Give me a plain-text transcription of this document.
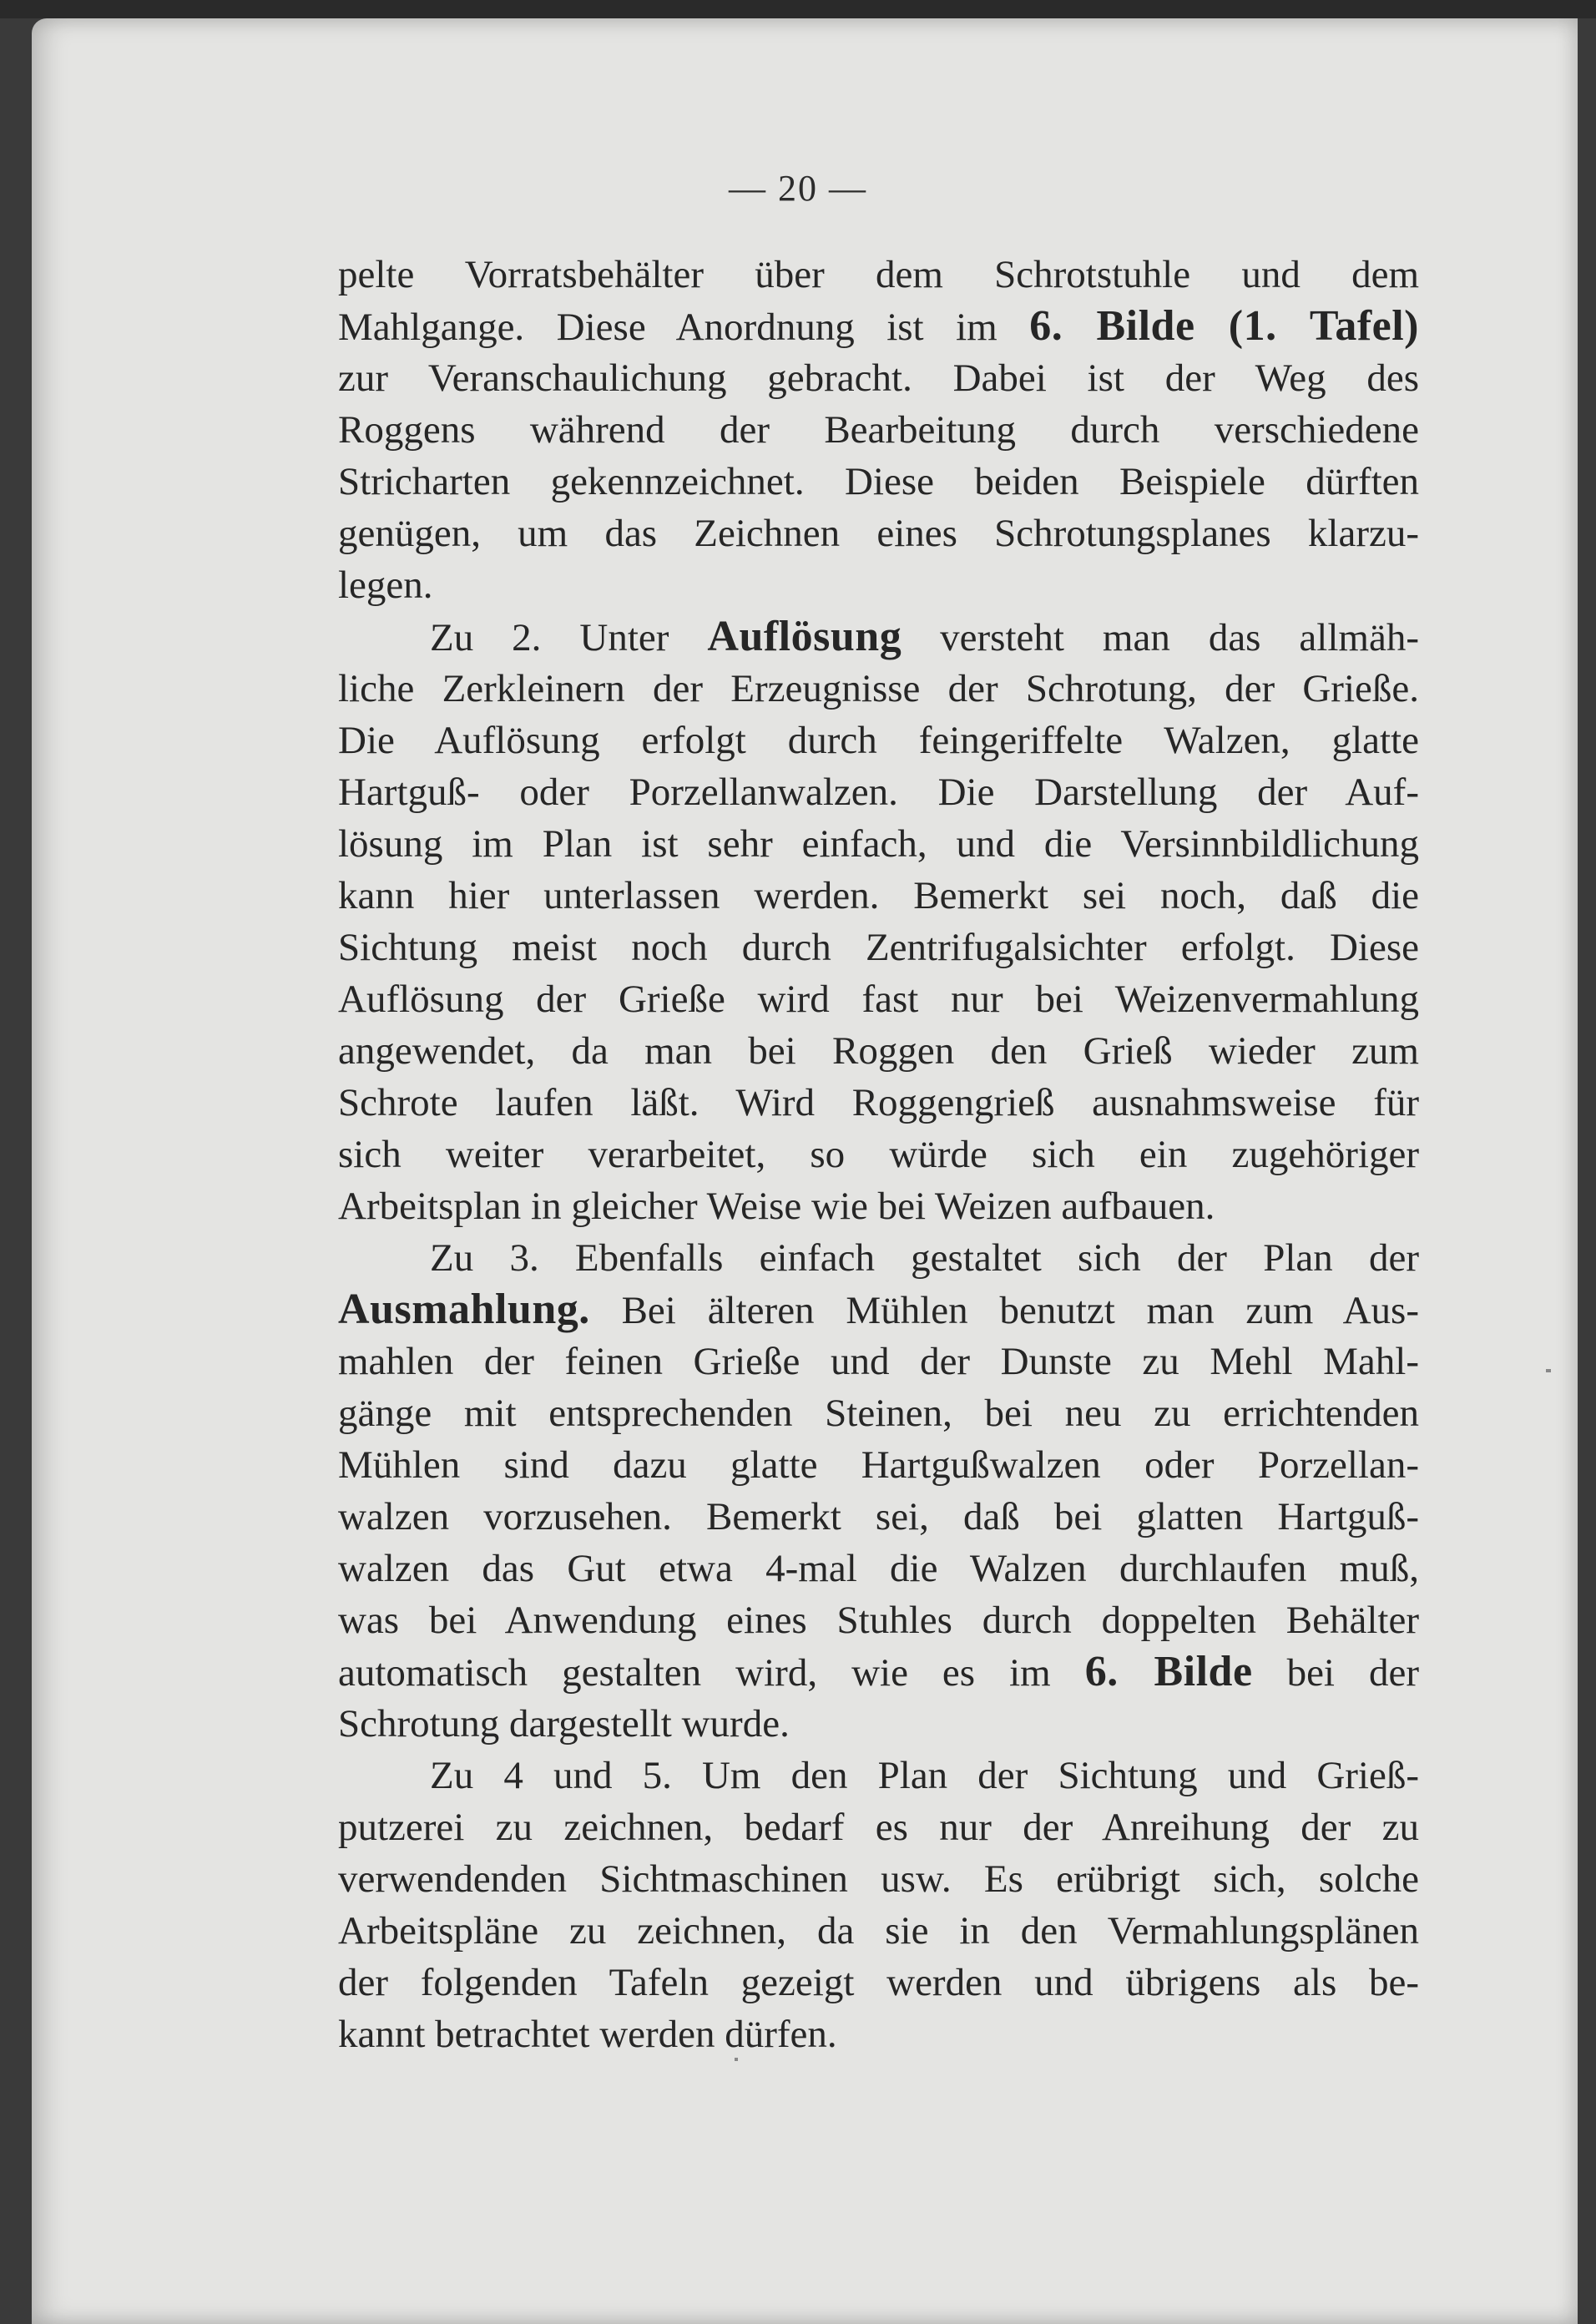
— 20 —
pelte Vorratsbehälter über dem Schrotstuhle und dem
Mahlgange. Diese Anordnung ist im 6. Bilde (1. Tafel)
zur Veranschaulichung gebracht. Dabei ist der Weg des
Roggens während der Bearbeitung durch verschiedene
Stricharten gekennzeichnet. Diese beiden Beispiele dürften
genügen, um das Zeichnen eines Schrotungsplanes klarzu-
legen.
Zu 2. Unter Auflösung versteht man das allmäh-
liche Zerkleinern der Erzeugnisse der Schrotung, der Grieße.
Die Auflösung erfolgt durch feingeriffelte Walzen, glatte
Hartguß- oder Porzellanwalzen. Die Darstellung der Auf-
lösung im Plan ist sehr einfach, und die Versinnbildlichung
kann hier unterlassen werden. Bemerkt sei noch, daß die
Sichtung meist noch durch Zentrifugalsichter erfolgt. Diese
Auflösung der Grieße wird fast nur bei Weizenvermahlung
angewendet, da man bei Roggen den Grieß wieder zum
Schrote laufen läßt. Wird Roggengrieß ausnahmsweise für
sich weiter verarbeitet, so würde sich ein zugehöriger
Arbeitsplan in gleicher Weise wie bei Weizen aufbauen.
Zu 3. Ebenfalls einfach gestaltet sich der Plan der
Ausmahlung. Bei älteren Mühlen benutzt man zum Aus-
mahlen der feinen Grieße und der Dunste zu Mehl Mahl-
gänge mit entsprechenden Steinen, bei neu zu errichtenden
Mühlen sind dazu glatte Hartgußwalzen oder Porzellan-
walzen vorzusehen. Bemerkt sei, daß bei glatten Hartguß-
walzen das Gut etwa 4-mal die Walzen durchlaufen muß,
was bei Anwendung eines Stuhles durch doppelten Behälter
automatisch gestalten wird, wie es im 6. Bilde bei der
Schrotung dargestellt wurde.
Zu 4 und 5. Um den Plan der Sichtung und Grieß-
putzerei zu zeichnen, bedarf es nur der Anreihung der zu
verwendenden Sichtmaschinen usw. Es erübrigt sich, solche
Arbeitspläne zu zeichnen, da sie in den Vermahlungsplänen
der folgenden Tafeln gezeigt werden und übrigens als be-
kannt betrachtet werden dürfen.
